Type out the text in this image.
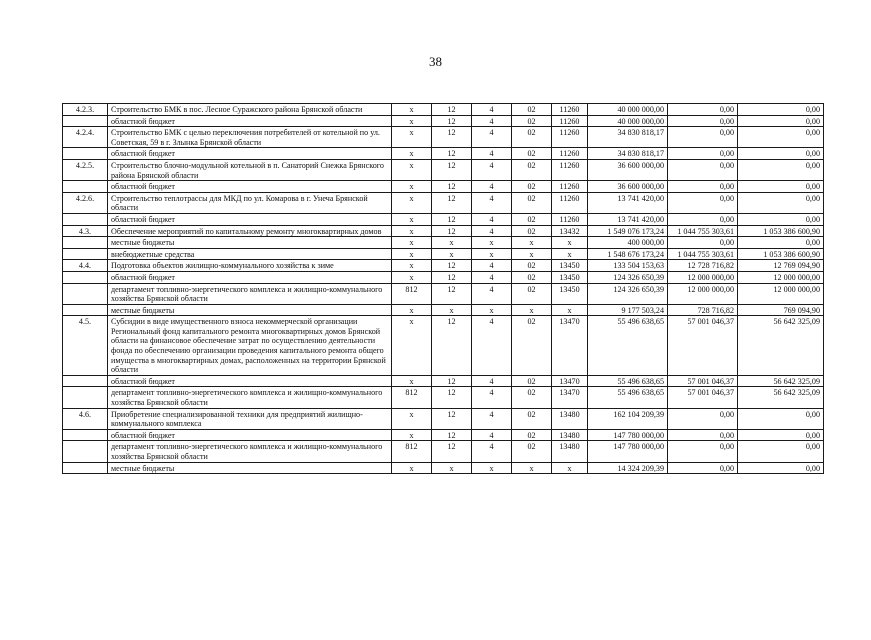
38
4.2.3.	Строительство БМК в пос. Лесное Суражского района Брянской области	х	12	4	02	11260	40 000 000,00	0,00	0,00
	областной бюджет	х	12	4	02	11260	40 000 000,00	0,00	0,00
4.2.4.	Строительство БМК с целью переключения потребителей от котельной по ул. Советская, 59 в г. Злынка Брянской области	х	12	4	02	11260	34 830 818,17	0,00	0,00
	областной бюджет	х	12	4	02	11260	34 830 818,17	0,00	0,00
4.2.5.	Строительство блочно-модульной котельной в п. Санаторий Снежка Брянского района Брянской области	х	12	4	02	11260	36 600 000,00	0,00	0,00
	областной бюджет	х	12	4	02	11260	36 600 000,00	0,00	0,00
4.2.6.	Строительство теплотрассы для МКД по ул. Комарова в г. Унеча Брянской области	х	12	4	02	11260	13 741 420,00	0,00	0,00
	областной бюджет	х	12	4	02	11260	13 741 420,00	0,00	0,00
4.3.	Обеспечение мероприятий по капитальному ремонту многоквартирных домов	х	12	4	02	13432	1 549 076 173,24	1 044 755 303,61	1 053 386 600,90
	местные бюджеты	х	х	х	х	х	400 000,00	0,00	0,00
	внебюджетные средства	х	х	х	х	х	1 548 676 173,24	1 044 755 303,61	1 053 386 600,90
4.4.	Подготовка объектов жилищно-коммунального хозяйства к зиме	х	12	4	02	13450	133 504 153,63	12 728 716,82	12 769 094,90
	областной бюджет	х	12	4	02	13450	124 326 650,39	12 000 000,00	12 000 000,00
	департамент топливно-энергетического комплекса и жилищно-коммунального хозяйства Брянской области	812	12	4	02	13450	124 326 650,39	12 000 000,00	12 000 000,00
	местные бюджеты	х	х	х	х	х	9 177 503,24	728 716,82	769 094,90
4.5.	Субсидии в виде имущественного взноса некоммерческой организации Региональный фонд капитального ремонта многоквартирных домов Брянской области на финансовое обеспечение затрат по осуществлению деятельности фонда по обеспечению организации проведения капитального ремонта общего имущества в многоквартирных домах, расположенных на территории Брянской области	х	12	4	02	13470	55 496 638,65	57 001 046,37	56 642 325,09
	областной бюджет	х	12	4	02	13470	55 496 638,65	57 001 046,37	56 642 325,09
	департамент топливно-энергетического комплекса и жилищно-коммунального хозяйства Брянской области	812	12	4	02	13470	55 496 638,65	57 001 046,37	56 642 325,09
4.6.	Приобретение специализированной техники для предприятий жилищно-коммунального комплекса	х	12	4	02	13480	162 104 209,39	0,00	0,00
	областной бюджет	х	12	4	02	13480	147 780 000,00	0,00	0,00
	департамент топливно-энергетического комплекса и жилищно-коммунального хозяйства Брянской области	812	12	4	02	13480	147 780 000,00	0,00	0,00
	местные бюджеты	х	х	х	х	х	14 324 209,39	0,00	0,00
